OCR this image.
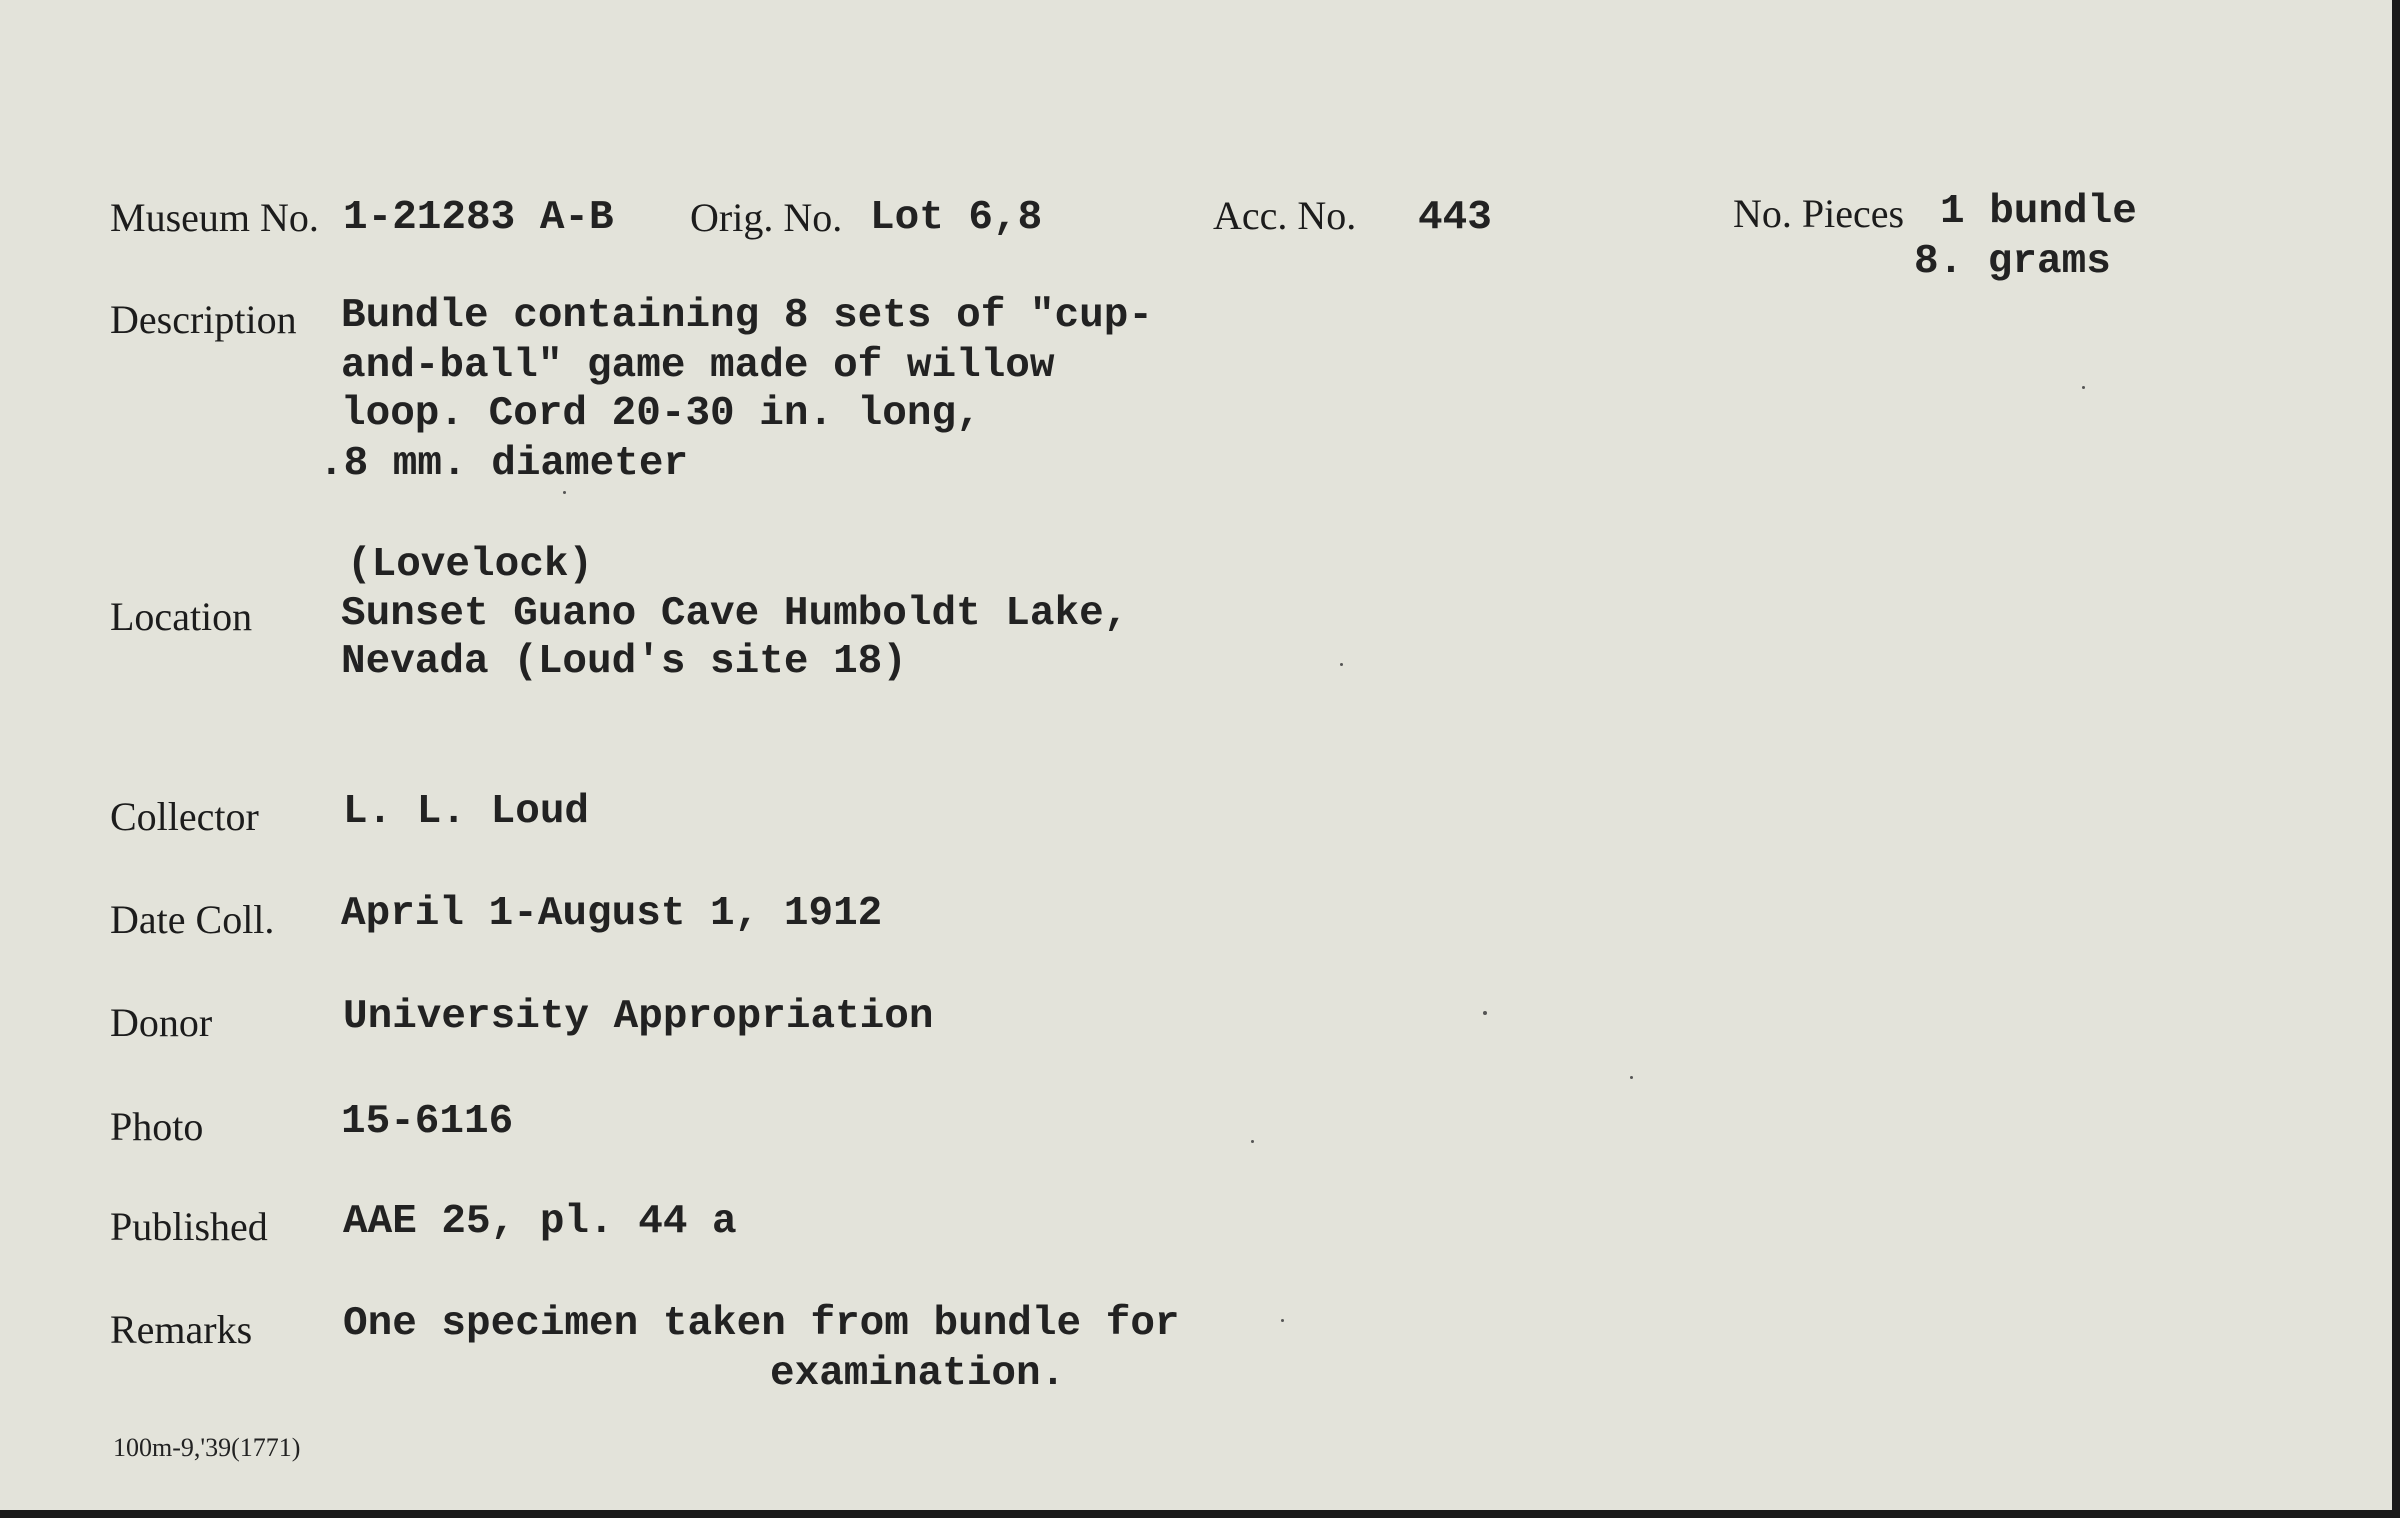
Museum No. 1-21283 A-B Orig. No. Lot 6,8	Acc. No. 443	No. Pieces 1 bundle
8. grams
Description Bundle containing 8 sets of "cup-
and-ball" game made of willow
loop. Cord 20-30 in. long,
.8 mm. diameter
(Lovelock)
Location Sunset Guano Cave Humboldt Lake,
Nevada (Loud's site 18)
Collector L. L. Loud
Date Coll. April 1-August 1, 1912
Donor	University Appropriation
Photo	15-6116
Published AAE 25, pl. 44 a
Remarks One specimen taken from bundle for
examination.
100m-9,'39(1771)
